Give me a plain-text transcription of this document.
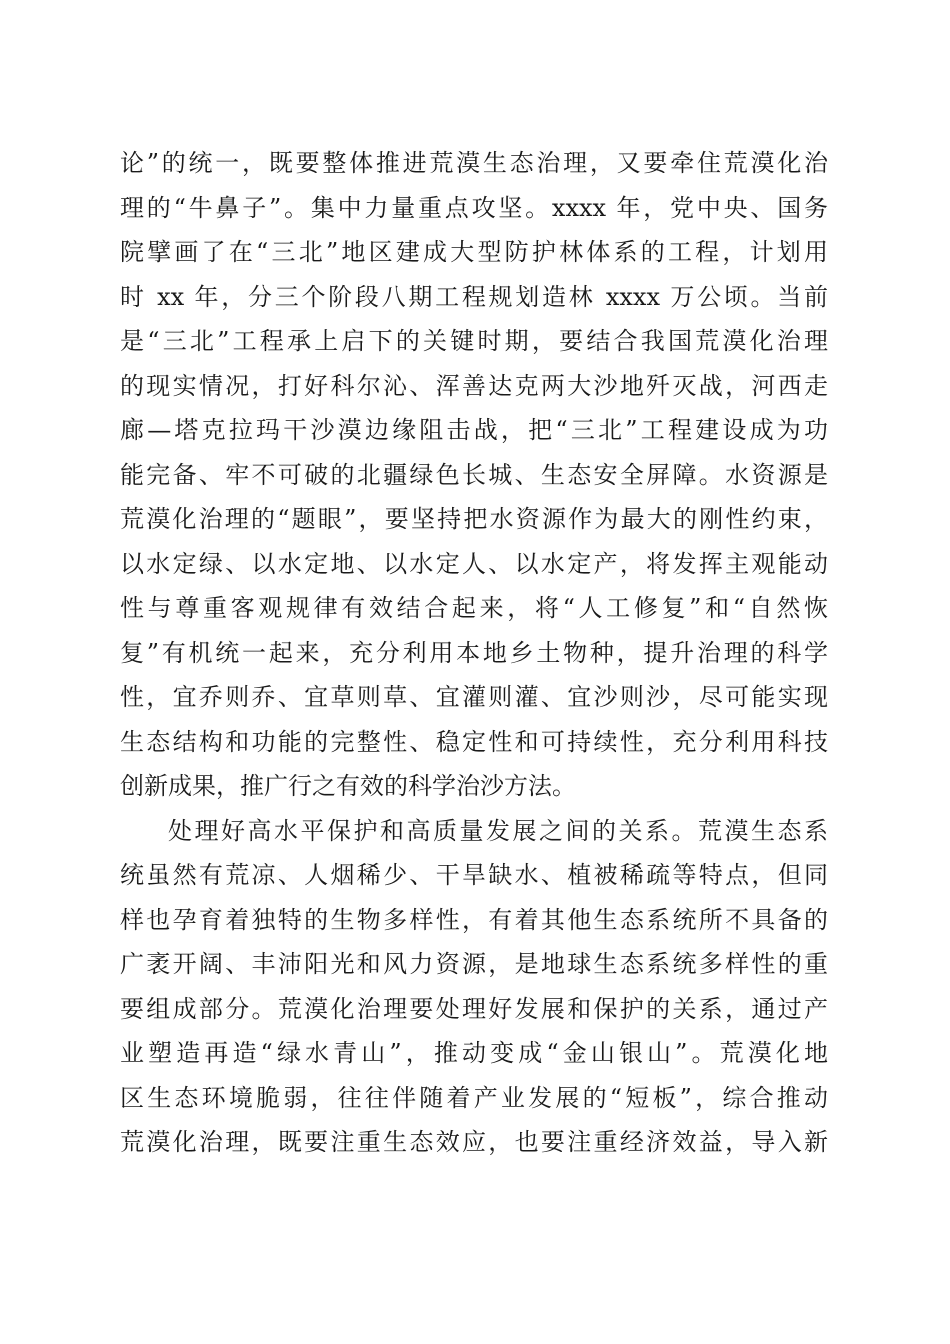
论”的统一，既要整体推进荒漠生态治理，又要牵住荒漠化治
理的“牛鼻子”。集中力量重点攻坚。xxxx 年，党中央、国务
院擘画了在“三北”地区建成大型防护林体系的工程，计划用
时 xx 年，分三个阶段八期工程规划造林 xxxx 万公顷。当前
是“三北”工程承上启下的关键时期，要结合我国荒漠化治理
的现实情况，打好科尔沁、浑善达克两大沙地歼灭战，河西走
廊—塔克拉玛干沙漠边缘阻击战，把“三北”工程建设成为功
能完备、牢不可破的北疆绿色长城、生态安全屏障。水资源是
荒漠化治理的“题眼”，要坚持把水资源作为最大的刚性约束，
以水定绿、以水定地、以水定人、以水定产，将发挥主观能动
性与尊重客观规律有效结合起来，将“人工修复”和“自然恢
复”有机统一起来，充分利用本地乡土物种，提升治理的科学
性，宜乔则乔、宜草则草、宜灌则灌、宜沙则沙，尽可能实现
生态结构和功能的完整性、稳定性和可持续性，充分利用科技
创新成果，推广行之有效的科学治沙方法。
处理好高水平保护和高质量发展之间的关系。荒漠生态系
统虽然有荒凉、人烟稀少、干旱缺水、植被稀疏等特点，但同
样也孕育着独特的生物多样性，有着其他生态系统所不具备的
广袤开阔、丰沛阳光和风力资源，是地球生态系统多样性的重
要组成部分。荒漠化治理要处理好发展和保护的关系，通过产
业塑造再造“绿水青山”，推动变成“金山银山”。荒漠化地
区生态环境脆弱，往往伴随着产业发展的“短板”，综合推动
荒漠化治理，既要注重生态效应，也要注重经济效益，导入新
